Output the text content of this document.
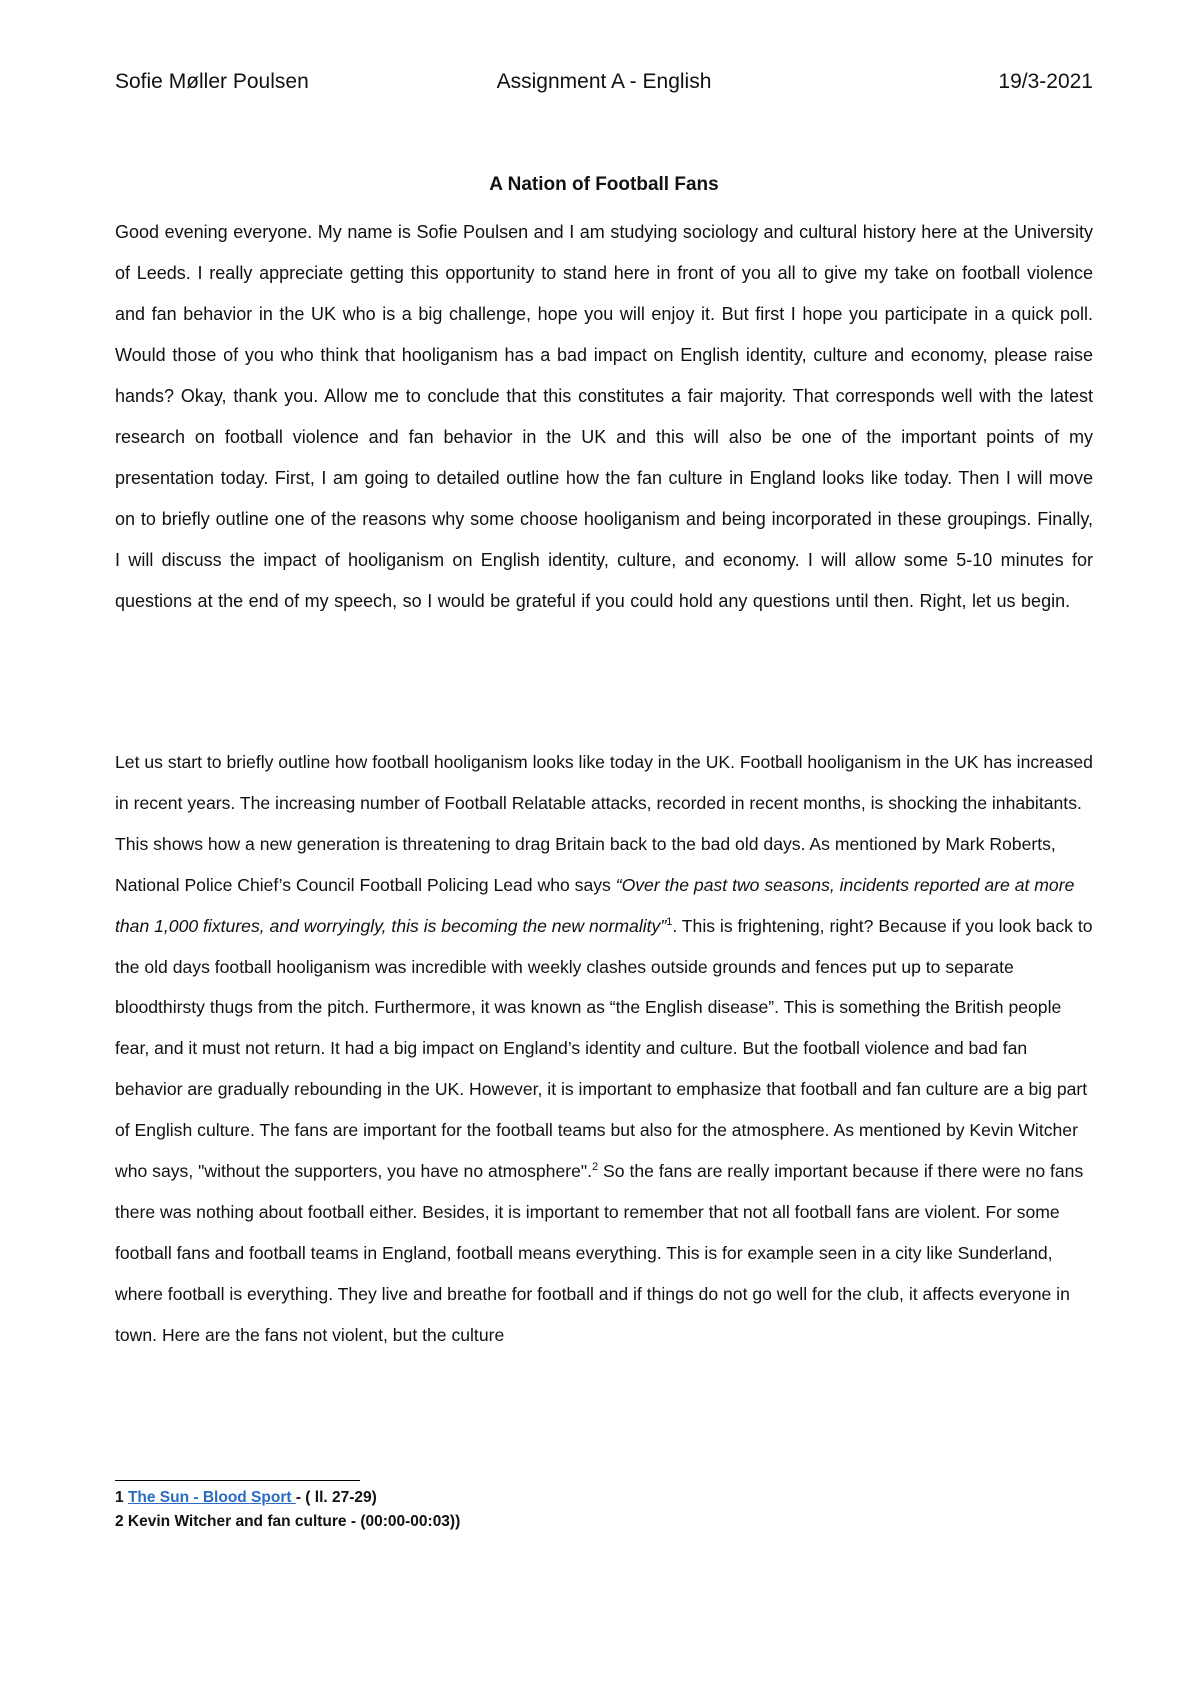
Sofie Møller Poulsen	Assignment A - English	19/3-2021
A Nation of Football Fans

Good evening everyone. My name is Sofie Poulsen and I am studying sociology and cultural history here at the University of Leeds. I really appreciate getting this opportunity to stand here in front of you all to give my take on football violence and fan behavior in the UK who is a big challenge, hope you will enjoy it. But first I hope you participate in a quick poll. Would those of you who think that hooliganism has a bad impact on English identity, culture and economy, please raise hands? Okay, thank you. Allow me to conclude that this constitutes a fair majority. That corresponds well with the latest research on football violence and fan behavior in the UK and this will also be one of the important points of my presentation today. First, I am going to detailed outline how the fan culture in England looks like today. Then I will move on to briefly outline one of the reasons why some choose hooliganism and being incorporated in these groupings. Finally, I will discuss the impact of hooliganism on English identity, culture, and economy. I will allow some 5-10 minutes for questions at the end of my speech, so I would be grateful if you could hold any questions until then. Right, let us begin.

Let us start to briefly outline how football hooliganism looks like today in the UK. Football hooliganism in the UK has increased in recent years. The increasing number of Football Relatable attacks, recorded in recent months, is shocking the inhabitants. This shows how a new generation is threatening to drag Britain back to the bad old days. As mentioned by Mark Roberts, National Police Chief’s Council Football Policing Lead who says “Over the past two seasons, incidents reported are at more than 1,000 fixtures, and worryingly, this is becoming the new normality”$^1$. This is frightening, right? Because if you look back to the old days football hooliganism was incredible with weekly clashes outside grounds and fences put up to separate bloodthirsty thugs from the pitch. Furthermore, it was known as “the English disease”. This is something the British people fear, and it must not return. It had a big impact on England’s identity and culture. But the football violence and bad fan behavior are gradually rebounding in the UK. However, it is important to emphasize that football and fan culture are a big part of English culture. The fans are important for the football teams but also for the atmosphere. As mentioned by Kevin Witcher who says, "without the supporters, you have no atmosphere".$^2$ So the fans are really important because if there were no fans there was nothing about football either. Besides, it is important to remember that not all football fans are violent. For some football fans and football teams in England, football means everything. This is for example seen in a city like Sunderland, where football is everything. They live and breathe for football and if things do not go well for the club, it affects everyone in town. Here are the fans not violent, but the culture

1 The Sun - Blood Sport - ( ll. 27-29)
2 Kevin Witcher and fan culture - (00:00-00:03))
